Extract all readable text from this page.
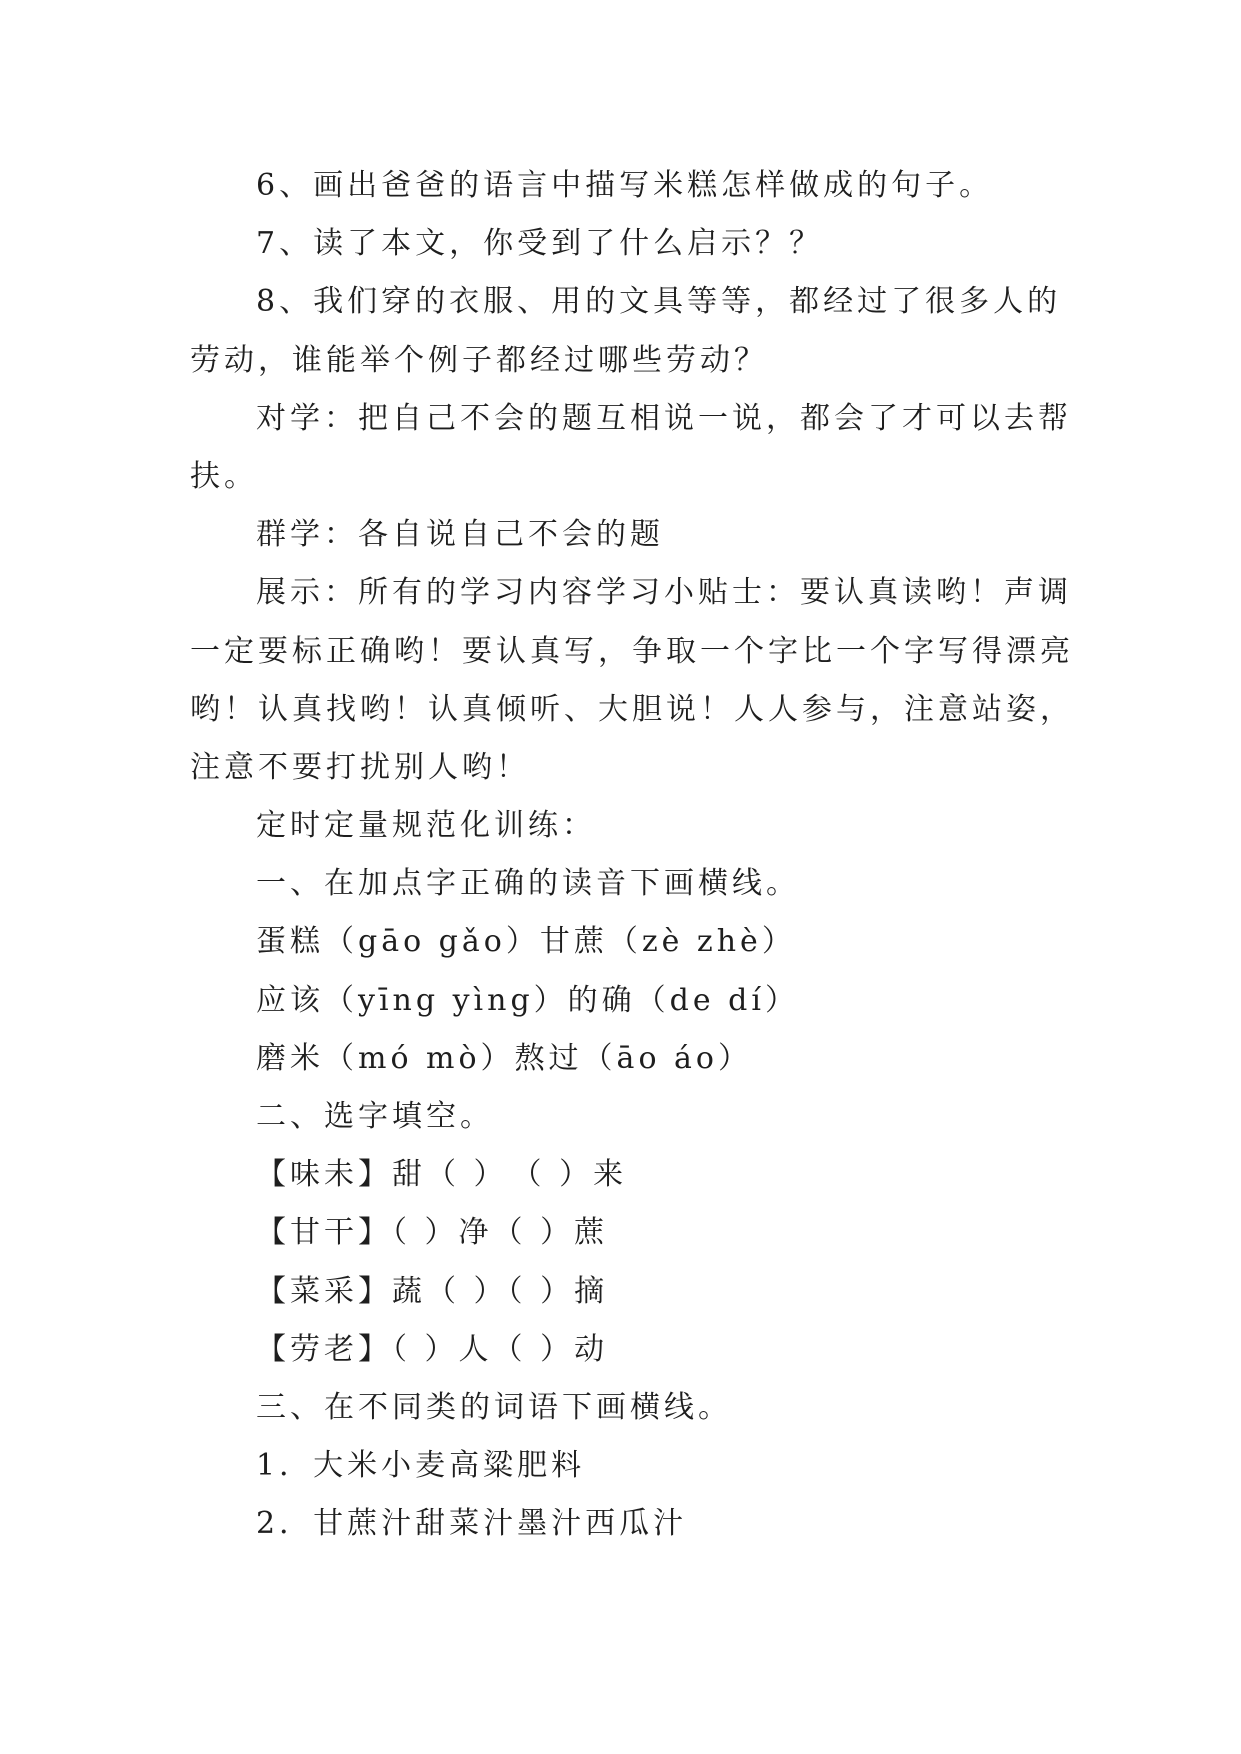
6、画出爸爸的语言中描写米糕怎样做成的句子。
7、读了本文，你受到了什么启示？？
8、我们穿的衣服、用的文具等等，都经过了很多人的
劳动，谁能举个例子都经过哪些劳动？
对学：把自己不会的题互相说一说，都会了才可以去帮
扶。
群学：各自说自己不会的题
展示：所有的学习内容学习小贴士：要认真读哟！声调
一定要标正确哟！要认真写，争取一个字比一个字写得漂亮
哟！认真找哟！认真倾听、大胆说！人人参与，注意站姿，
注意不要打扰别人哟！
定时定量规范化训练：
一、在加点字正确的读音下画横线。
蛋糕（gāo gǎo）甘蔗（zè zhè）
应该（yīng yìng）的确（de dí）
磨米（mó mò）熬过（āo áo）
二、选字填空。
【味未】甜（ ）　（ ）来
【甘干】（ ）净（ ）蔗
【菜采】蔬（ ）（ ）摘
【劳老】（ ）人（ ）动
三、在不同类的词语下画横线。
1．大米小麦高粱肥料
2．甘蔗汁甜菜汁墨汁西瓜汁
